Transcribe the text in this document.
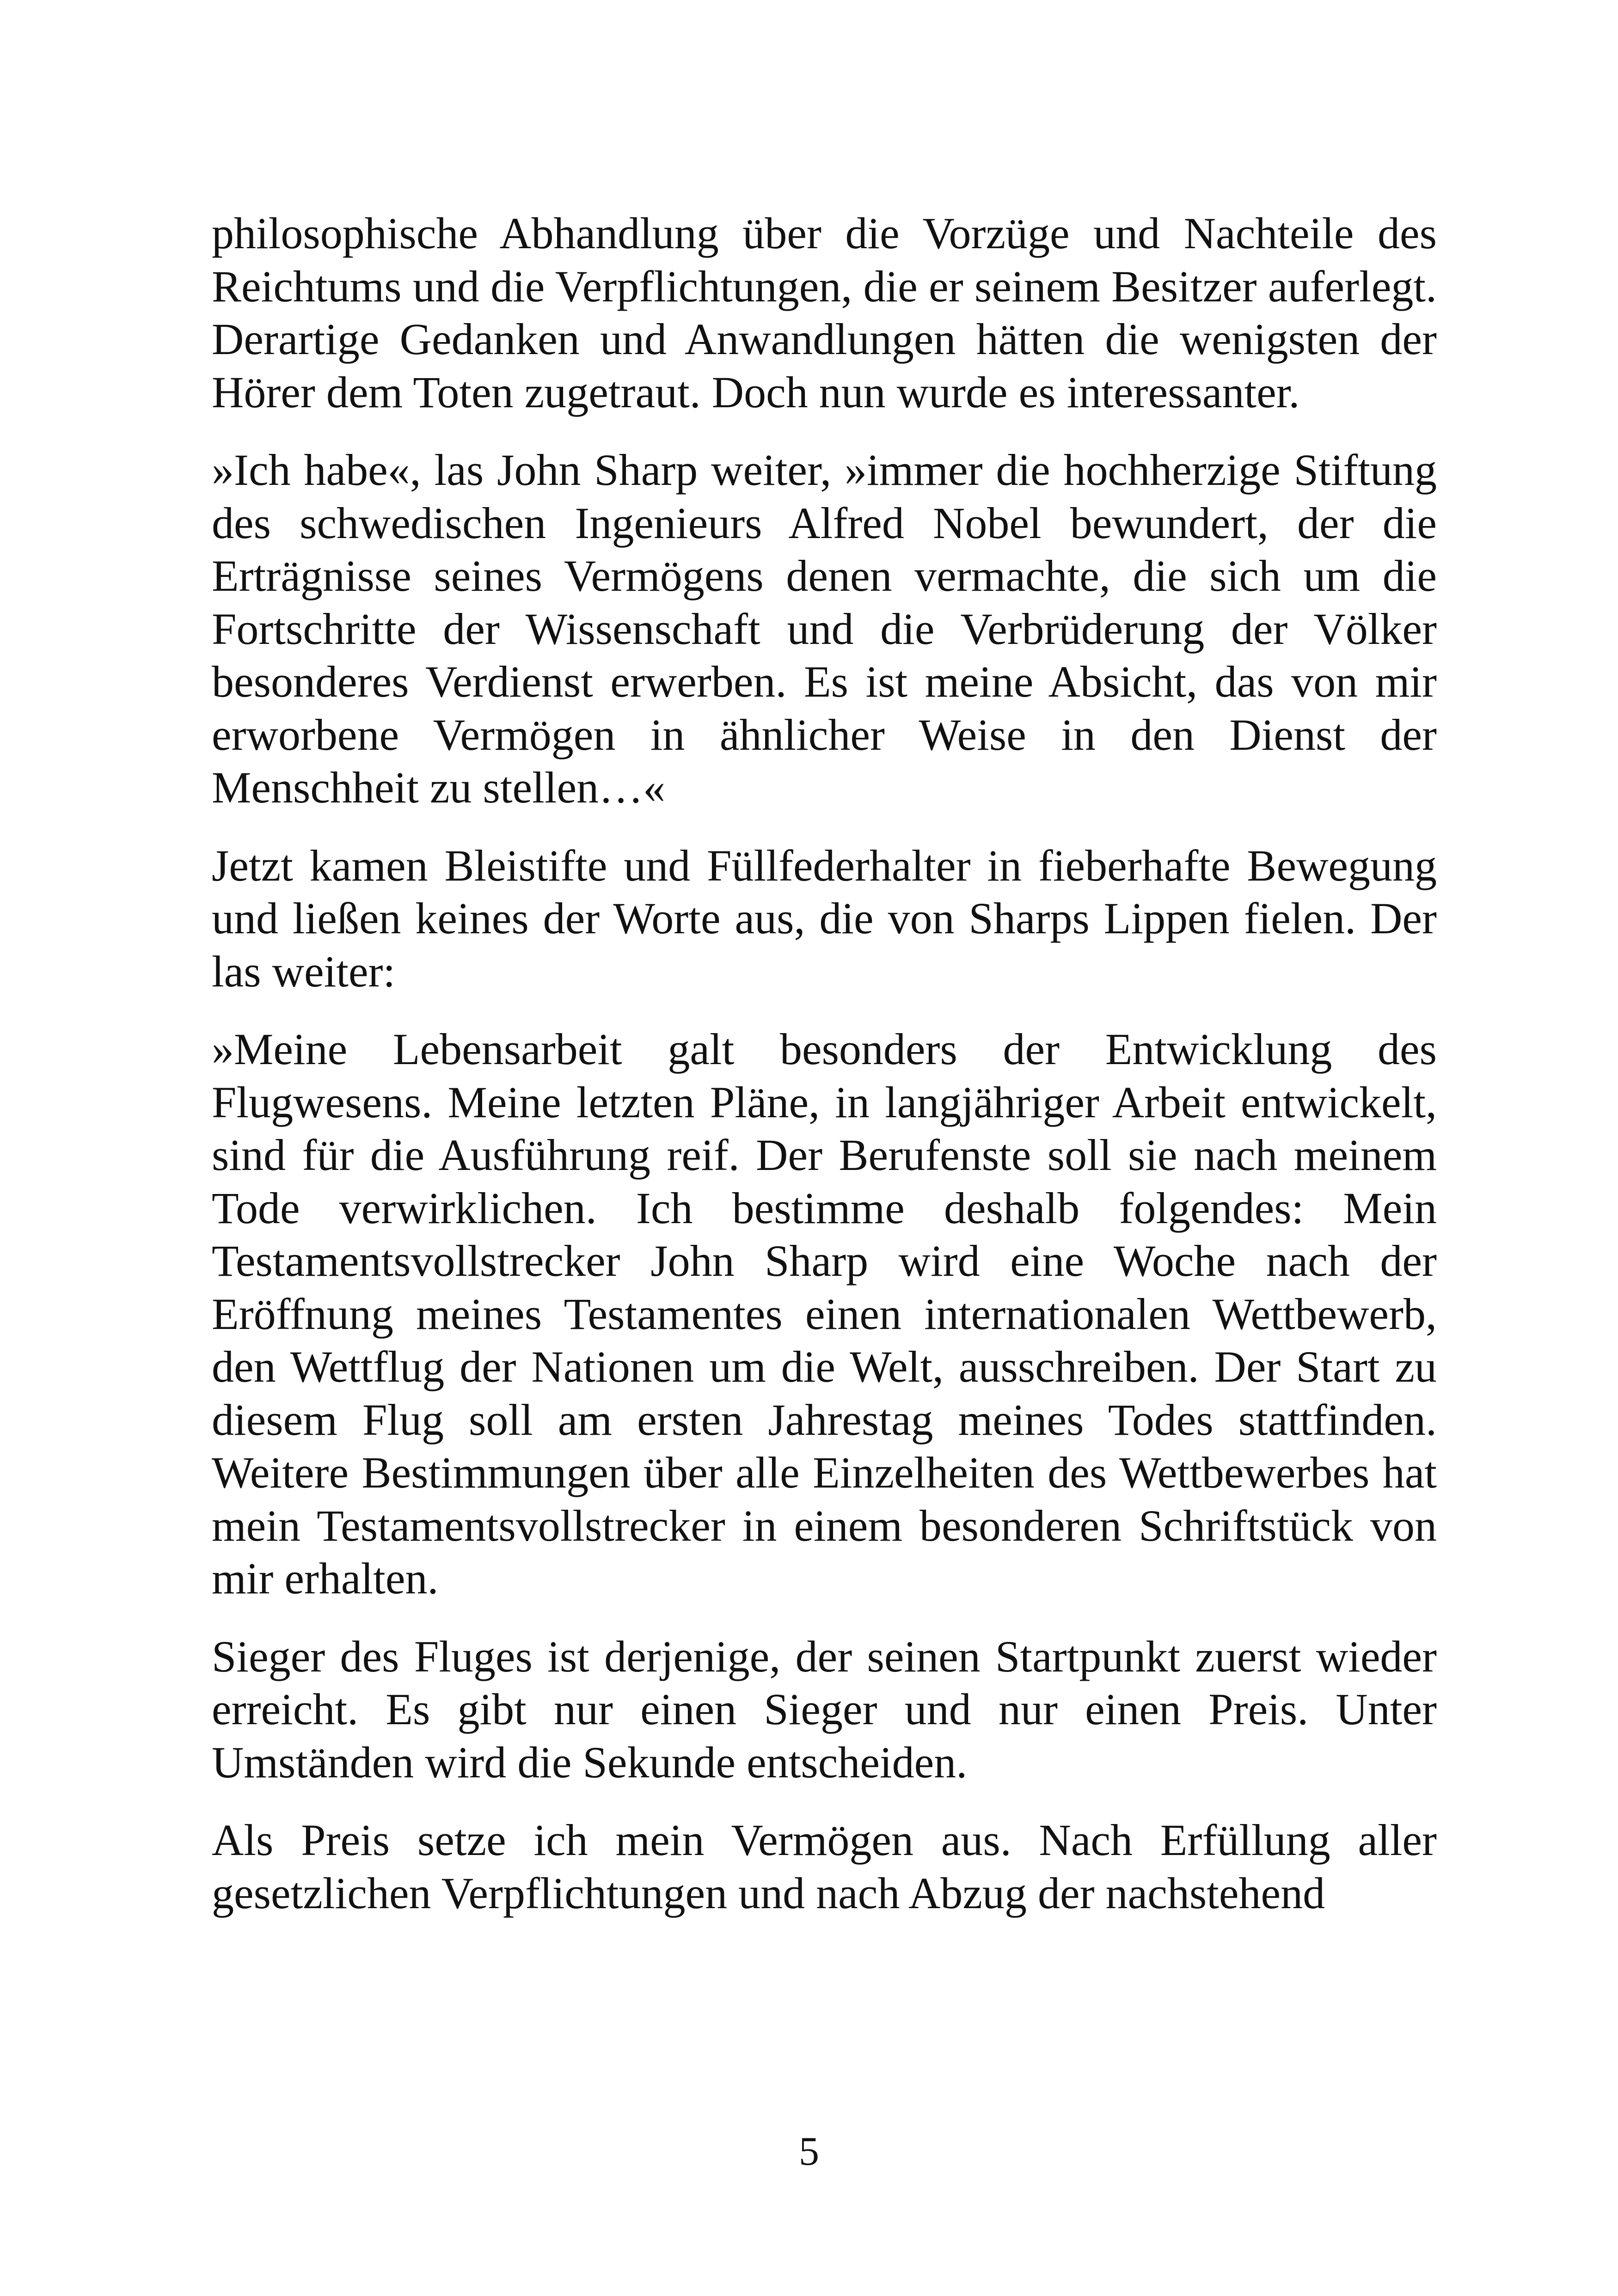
philosophische Abhandlung über die Vorzüge und Nachteile des Reichtums und die Verpflichtungen, die er seinem Besitzer auferlegt. Derartige Gedanken und Anwandlungen hätten die wenigsten der Hörer dem Toten zugetraut. Doch nun wurde es interessanter.

»Ich habe«, las John Sharp weiter, »immer die hochherzige Stiftung des schwedischen Ingenieurs Alfred Nobel bewundert, der die Erträgnisse seines Vermögens denen vermachte, die sich um die Fortschritte der Wissenschaft und die Verbrüderung der Völker besonderes Verdienst erwerben. Es ist meine Absicht, das von mir erworbene Vermögen in ähnlicher Weise in den Dienst der Menschheit zu stellen…«

Jetzt kamen Bleistifte und Füllfederhalter in fieberhafte Bewegung und ließen keines der Worte aus, die von Sharps Lippen fielen. Der las weiter:

»Meine Lebensarbeit galt besonders der Entwicklung des Flugwesens. Meine letzten Pläne, in langjähriger Arbeit entwickelt, sind für die Ausführung reif. Der Berufenste soll sie nach meinem Tode verwirklichen. Ich bestimme deshalb folgendes: Mein Testamentsvollstrecker John Sharp wird eine Woche nach der Eröffnung meines Testamentes einen internationalen Wettbewerb, den Wettflug der Nationen um die Welt, ausschreiben. Der Start zu diesem Flug soll am ersten Jahrestag meines Todes stattfinden. Weitere Bestimmungen über alle Einzelheiten des Wettbewerbes hat mein Testamentsvollstrecker in einem besonderen Schriftstück von mir erhalten.

Sieger des Fluges ist derjenige, der seinen Startpunkt zuerst wieder erreicht. Es gibt nur einen Sieger und nur einen Preis. Unter Umständen wird die Sekunde entscheiden.

Als Preis setze ich mein Vermögen aus. Nach Erfüllung aller gesetzlichen Verpflichtungen und nach Abzug der nachstehend

5
